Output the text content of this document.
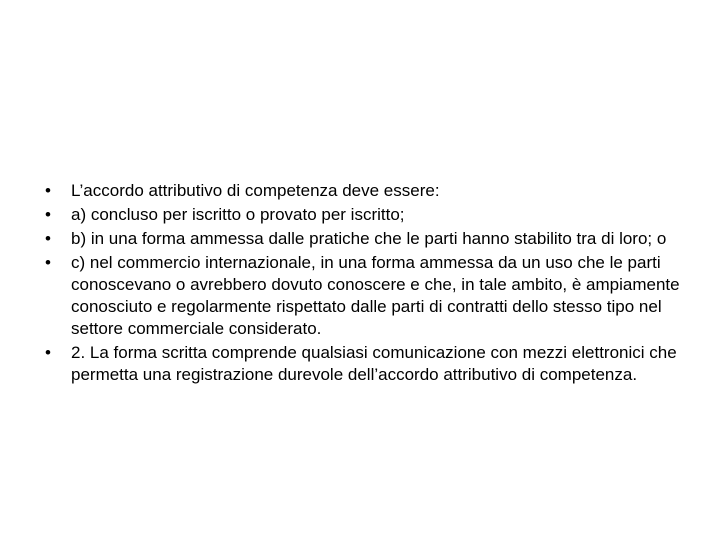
• L’accordo attributivo di competenza deve essere:
• a) concluso per iscritto o provato per iscritto;
• b) in una forma ammessa dalle pratiche che le parti hanno stabilito tra di loro; o
• c) nel commercio internazionale, in una forma ammessa da un uso che le parti conoscevano o avrebbero dovuto conoscere e che, in tale ambito, è ampiamente conosciuto e regolarmente rispettato dalle parti di contratti dello stesso tipo nel settore commerciale considerato.
• 2. La forma scritta comprende qualsiasi comunicazione con mezzi elettronici che permetta una registrazione durevole dell’accordo attributivo di competenza.
